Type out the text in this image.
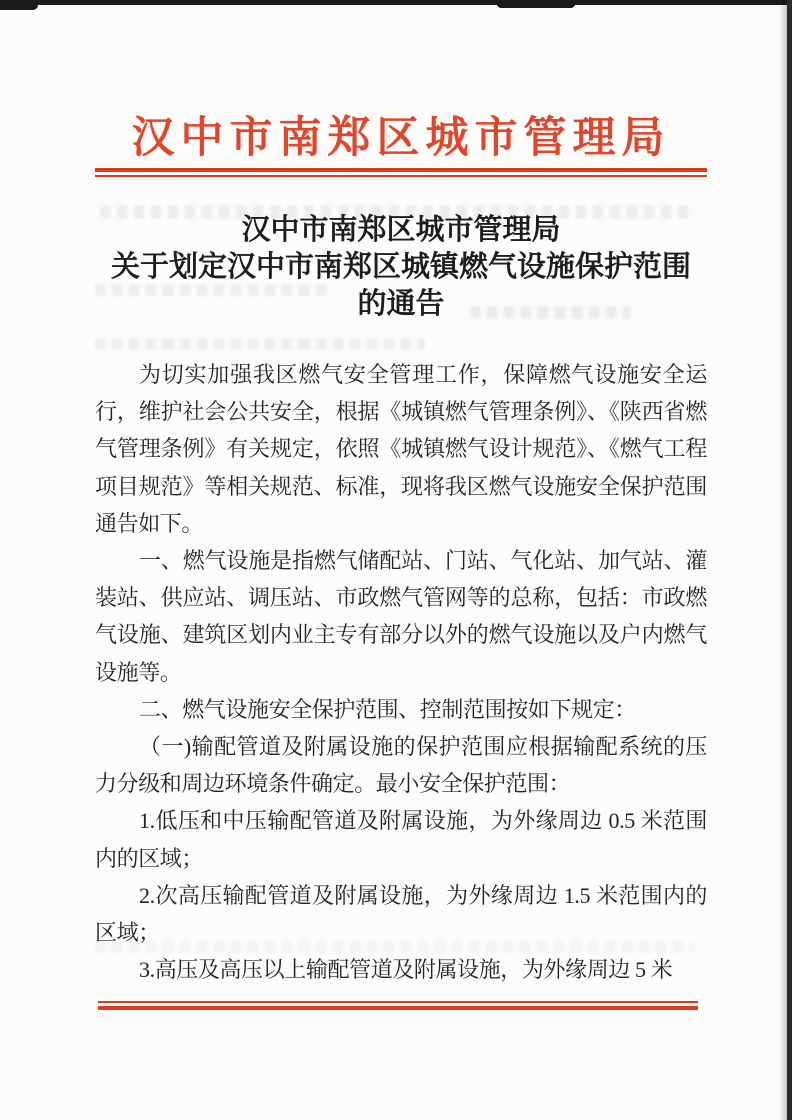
汉中市南郑区城市管理局
汉中市南郑区城市管理局
关于划定汉中市南郑区城镇燃气设施保护范围
的通告

为切实加强我区燃气安全管理工作，保障燃气设施安全运行，维护社会公共安全，根据《城镇燃气管理条例》、《陕西省燃气管理条例》有关规定，依照《城镇燃气设计规范》、《燃气工程项目规范》等相关规范、标准，现将我区燃气设施安全保护范围通告如下。

一、燃气设施是指燃气储配站、门站、气化站、加气站、灌装站、供应站、调压站、市政燃气管网等的总称，包括：市政燃气设施、建筑区划内业主专有部分以外的燃气设施以及户内燃气设施等。

二、燃气设施安全保护范围、控制范围按如下规定：

（一)输配管道及附属设施的保护范围应根据输配系统的压力分级和周边环境条件确定。最小安全保护范围：

1.低压和中压输配管道及附属设施，为外缘周边 0.5 米范围内的区域；

2.次高压输配管道及附属设施，为外缘周边 1.5 米范围内的区域；

3.高压及高压以上输配管道及附属设施，为外缘周边 5 米
